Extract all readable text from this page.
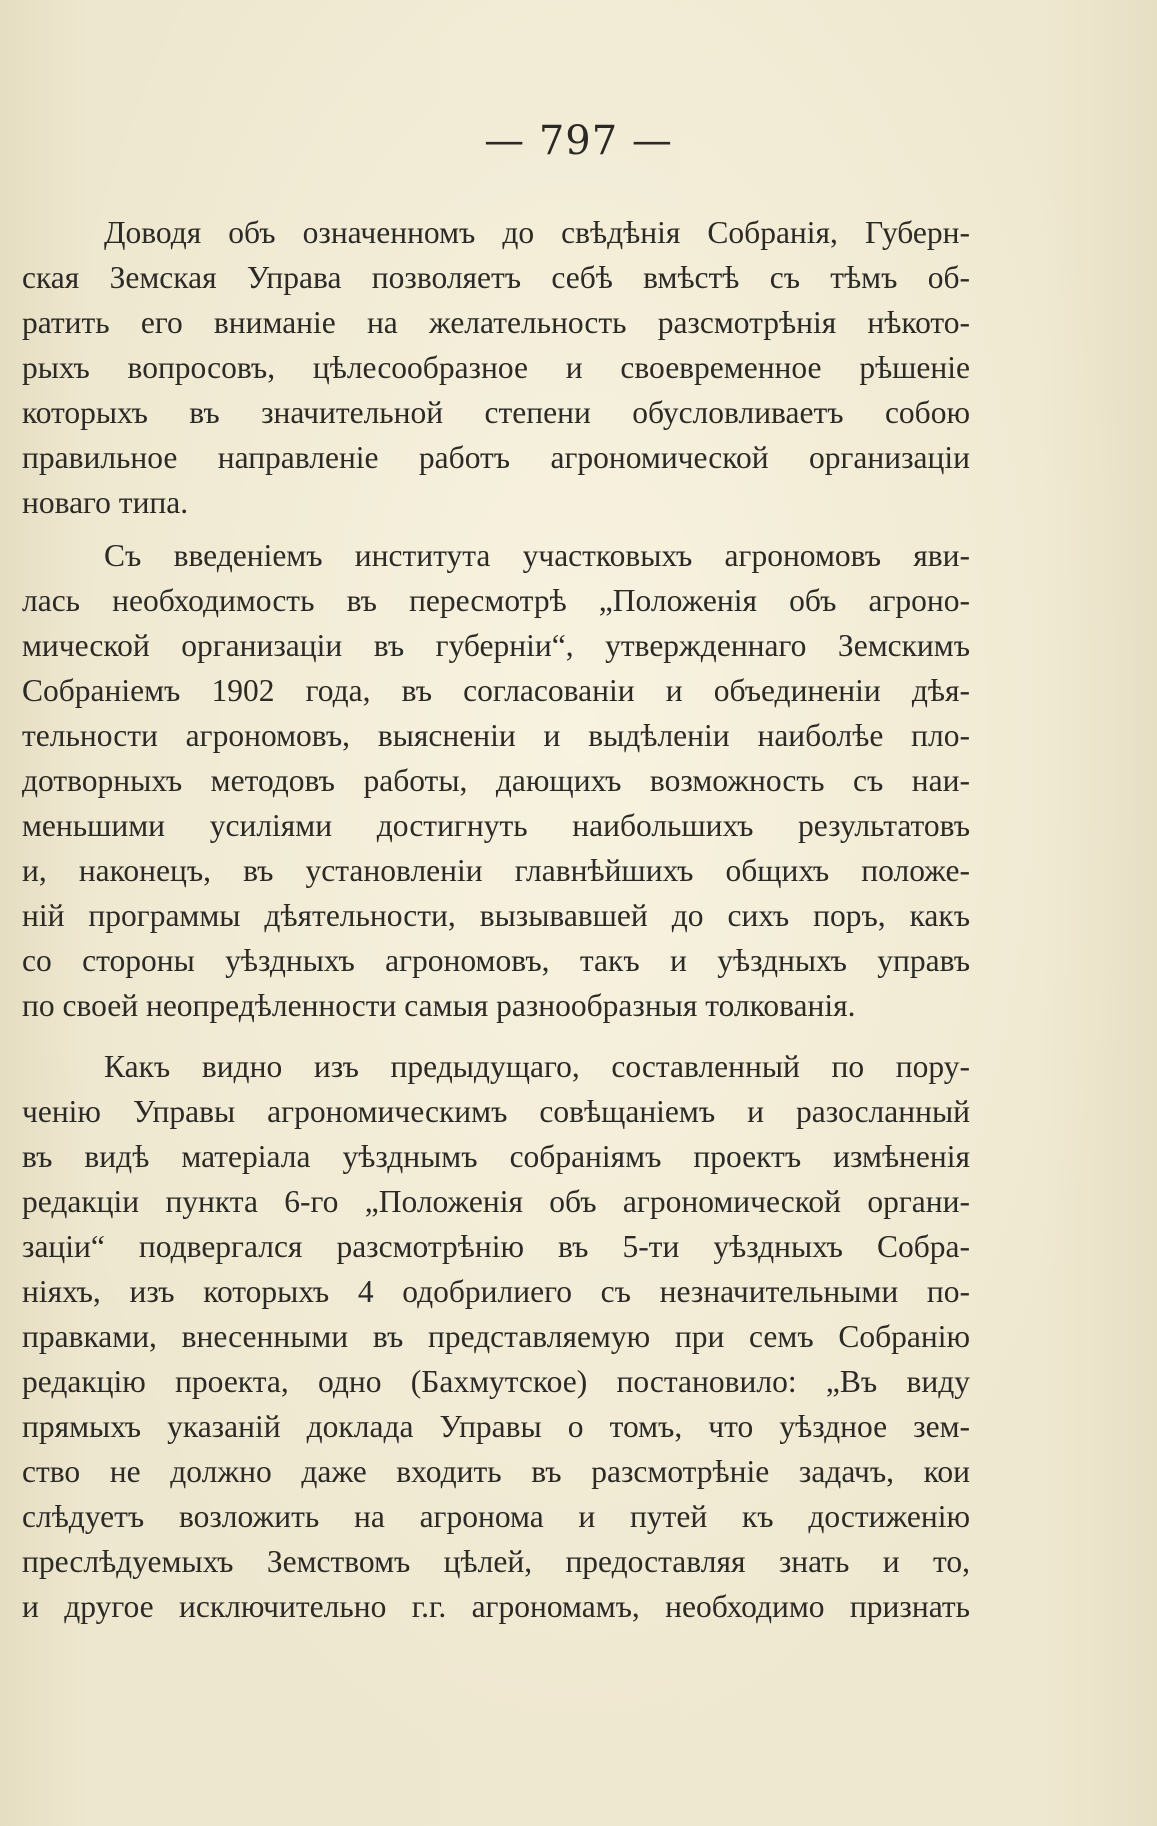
— 797 —
Доводя объ означенномъ до свѣдѣнія Собранія, Губерн-
ская Земская Управа позволяетъ себѣ вмѣстѣ съ тѣмъ об-
ратить его вниманіе на желательность разсмотрѣнія нѣкото-
рыхъ вопросовъ, цѣлесообразное и своевременное рѣшеніе
которыхъ въ значительной степени обусловливаетъ собою
правильное направленіе работъ агрономической организаціи
новаго типа.
Съ введеніемъ института участковыхъ агрономовъ яви-
лась необходимость въ пересмотрѣ „Положенія объ агроно-
мической организаціи въ губерніи“, утвержденнаго Земскимъ
Собраніемъ 1902 года, въ согласованіи и объединеніи дѣя-
тельности агрономовъ, выясненіи и выдѣленіи наиболѣе пло-
дотворныхъ методовъ работы, дающихъ возможность съ наи-
меньшими усиліями достигнуть наибольшихъ результатовъ
и, наконецъ, въ установленіи главнѣйшихъ общихъ положе-
ній программы дѣятельности, вызывавшей до сихъ поръ, какъ
со стороны уѣздныхъ агрономовъ, такъ и уѣздныхъ управъ
по своей неопредѣленности самыя разнообразныя толкованія.
Какъ видно изъ предыдущаго, составленный по пору-
ченію Управы агрономическимъ совѣщаніемъ и разосланный
въ видѣ матеріала уѣзднымъ собраніямъ проектъ измѣненія
редакціи пункта 6-го „Положенія объ агрономической органи-
заціи“ подвергался разсмотрѣнію въ 5-ти уѣздныхъ Собра-
ніяхъ, изъ которыхъ 4 одобрилиего съ незначительными по-
правками, внесенными въ представляемую при семъ Собранію
редакцію проекта, одно (Бахмутское) постановило: „Въ виду
прямыхъ указаній доклада Управы о томъ, что уѣздное зем-
ство не должно даже входить въ разсмотрѣніе задачъ, кои
слѣдуетъ возложить на агронома и путей къ достиженію
преслѣдуемыхъ Земствомъ цѣлей, предоставляя знать и то,
и другое исключительно г.г. агрономамъ, необходимо признать
